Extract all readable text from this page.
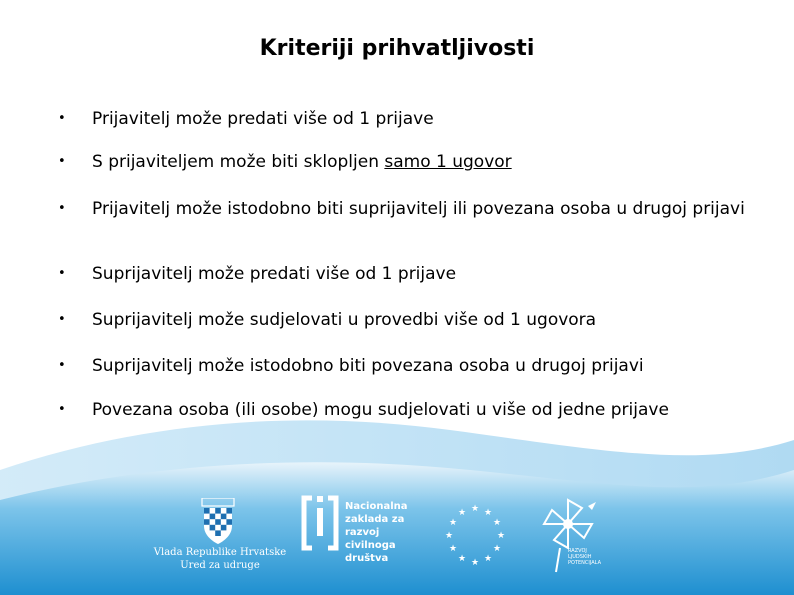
Kriteriji prihvatljivosti
•	Prijavitelj može predati više od 1 prijave
•	S prijaviteljem može biti sklopljen samo 1 ugovor
•	Prijavitelj može istodobno biti suprijavitelj ili povezana osoba u drugoj prijavi
•	Suprijavitelj može predati više od 1 prijave
•	Suprijavitelj može sudjelovati u provedbi više od 1 ugovora
•	Suprijavitelj može istodobno biti povezana osoba u drugoj prijavi
•	Povezana osoba (ili osobe) mogu sudjelovati u više od jedne prijave
Vlada Republike Hrvatske
Ured za udruge
Nacionalna
zaklada za
razvoj
civilnoga
društva
★ ★
★
★
★
★
★
★
★
★
★
★
RAZVOJ
LJUDSKIH
POTENCIJALA
